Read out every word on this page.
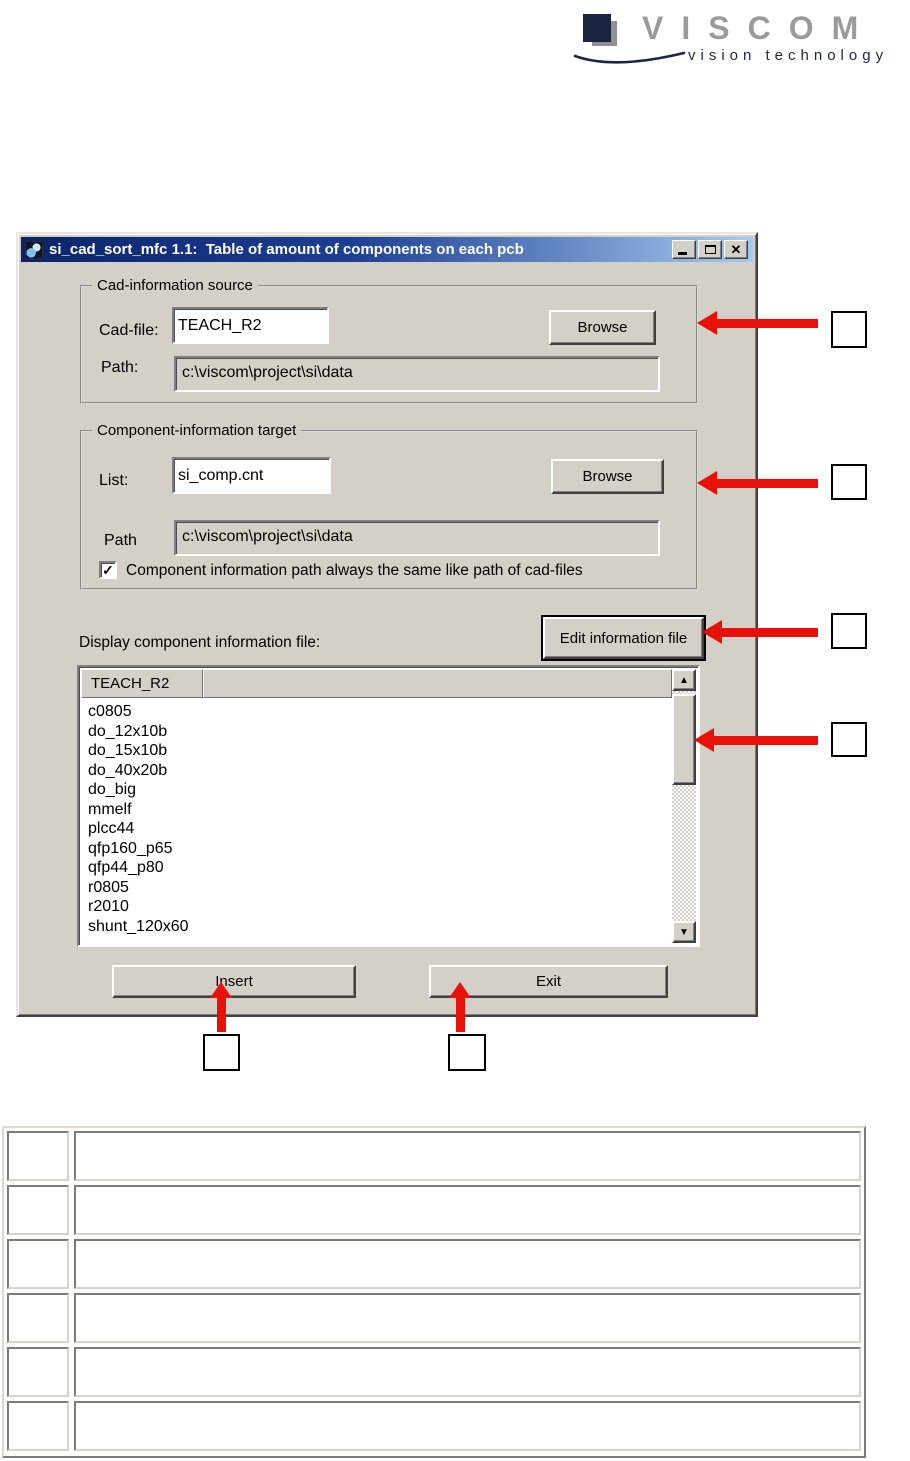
VISCOM
vision technology
si_cad_sort_mfc 1.1:  Table of amount of components on each pcb	✕
Cad-information source
Cad-file:
TEACH_R2	Browse
Path:	c:\viscom\project\si\data
Component-information target
List:
si_comp.cnt	Browse
Path	c:\viscom\project\si\data
✓ Component information path always the same like path of cad-files
Edit information file
Display component information file:
TEACH_R2
c0805
do_12x10b
do_15x10b
do_40x20b
do_big
mmelf
plcc44
qfp160_p65
qfp44_p80
r0805
r2010
shunt_120x60
▲
▼
Insert	Exit
